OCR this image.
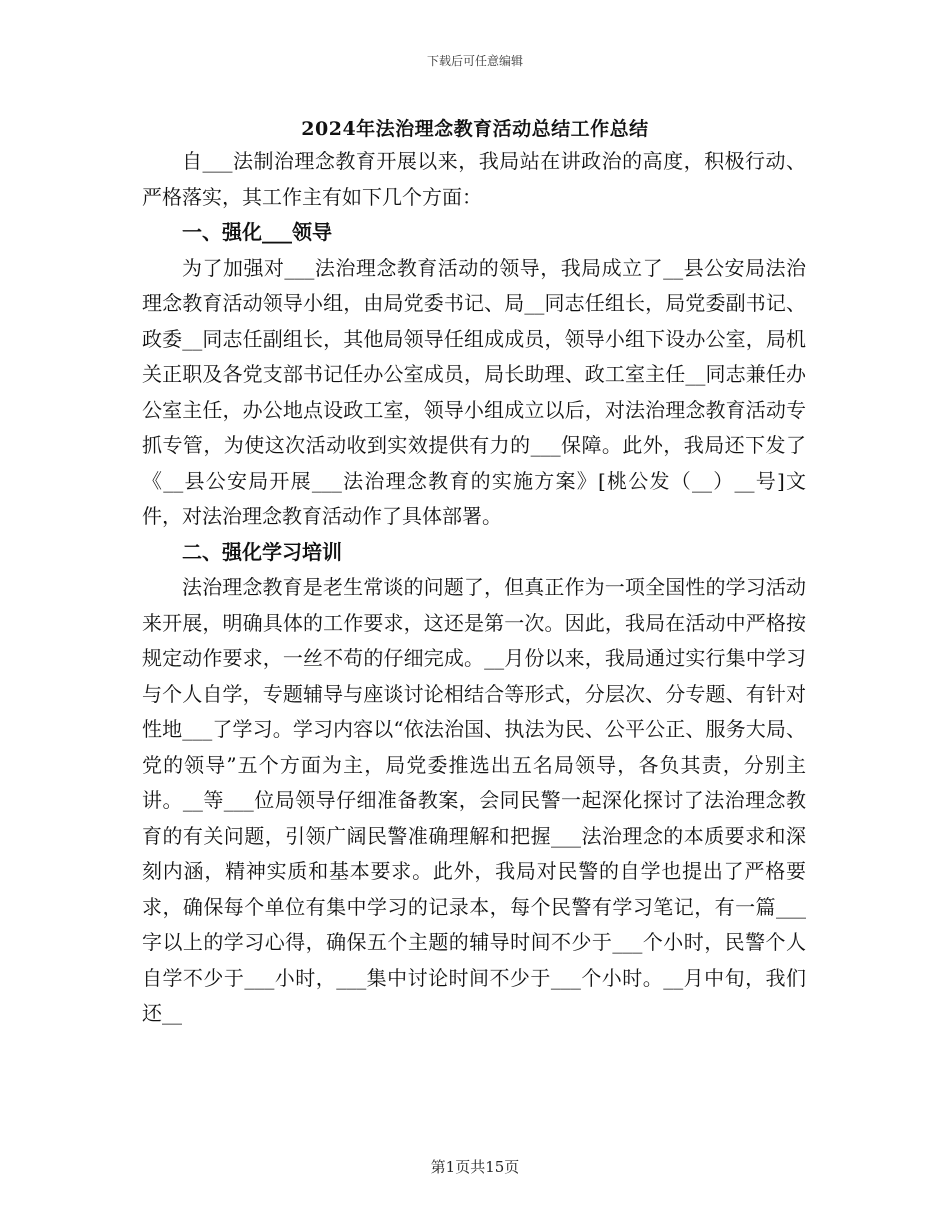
下载后可任意编辑
2024年法治理念教育活动总结工作总结

自___法制治理念教育开展以来，我局站在讲政治的高度，积极行动、严格落实，其工作主有如下几个方面：

一、强化___领导

为了加强对___法治理念教育活动的领导，我局成立了__县公安局法治理念教育活动领导小组，由局党委书记、局__同志任组长，局党委副书记、政委__同志任副组长，其他局领导任组成成员，领导小组下设办公室，局机关正职及各党支部书记任办公室成员，局长助理、政工室主任__同志兼任办公室主任，办公地点设政工室，领导小组成立以后，对法治理念教育活动专抓专管，为使这次活动收到实效提供有力的___保障。此外，我局还下发了《__县公安局开展___法治理念教育的实施方案》[桃公发（__）__号]文件，对法治理念教育活动作了具体部署。

二、强化学习培训

法治理念教育是老生常谈的问题了，但真正作为一项全国性的学习活动来开展，明确具体的工作要求，这还是第一次。因此，我局在活动中严格按规定动作要求，一丝不苟的仔细完成。__月份以来，我局通过实行集中学习与个人自学，专题辅导与座谈讨论相结合等形式，分层次、分专题、有针对性地___了学习。学习内容以“依法治国、执法为民、公平公正、服务大局、党的领导”五个方面为主，局党委推选出五名局领导，各负其责，分别主讲。__等___位局领导仔细准备教案，会同民警一起深化探讨了法治理念教育的有关问题，引领广阔民警准确理解和把握___法治理念的本质要求和深刻内涵，精神实质和基本要求。此外，我局对民警的自学也提出了严格要求，确保每个单位有集中学习的记录本，每个民警有学习笔记，有一篇___字以上的学习心得，确保五个主题的辅导时间不少于___个小时，民警个人自学不少于___小时，___集中讨论时间不少于___个小时。__月中旬，我们还__

第1页共15页
